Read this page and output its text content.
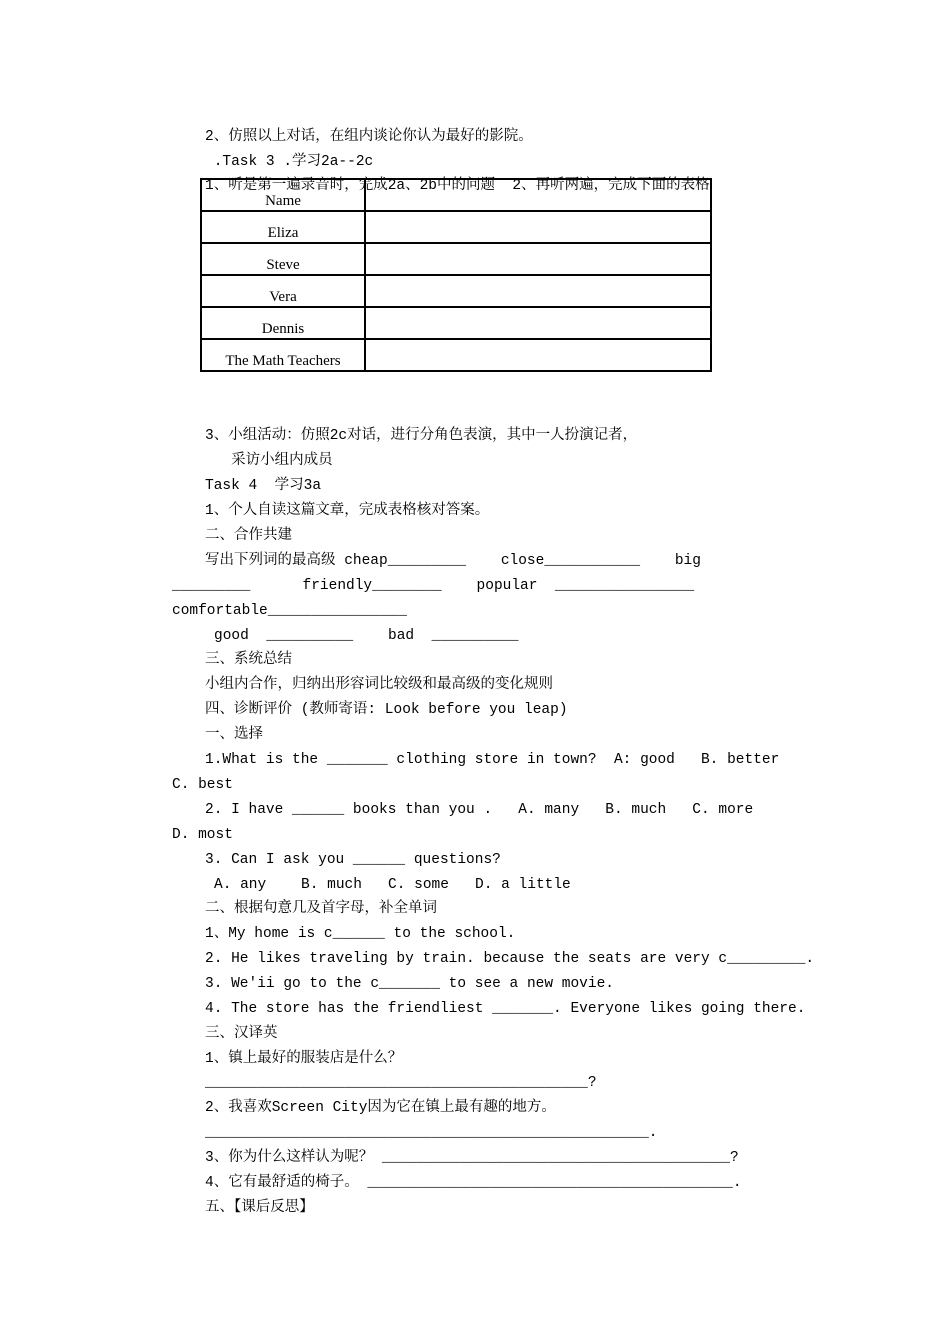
2、仿照以上对话，在组内谈论你认为最好的影院。
.Task 3 .学习2a--2c
Name	
Eliza	
Steve	
Vera	
Dennis	
The Math Teachers	
1、听是第一遍录音时，完成2a、2b中的问题  2、再听两遍，完成下面的表格
3、小组活动：仿照2c对话，进行分角色表演，其中一人扮演记者，
采访小组内成员
Task 4  学习3a
1、个人自读这篇文章，完成表格核对答案。
二、合作共建
写出下列词的最高级 cheap_________    close___________    big
_________      friendly________    popular  ________________
comfortable________________
good  __________    bad  __________
三、系统总结
小组内合作，归纳出形容词比较级和最高级的变化规则
四、诊断评价 (教师寄语: Look before you leap)
一、选择
1.What is the _______ clothing store in town?  A: good   B. better
C. best
2. I have ______ books than you .   A. many   B. much   C. more
D. most
3. Can I ask you ______ questions?
A. any    B. much   C. some   D. a little
二、根据句意几及首字母，补全单词
1、My home is c______ to the school.
2. He likes traveling by train. because the seats are very c_________.
3. We'ii go to the c_______ to see a new movie.
4. The store has the friendliest _______. Everyone likes going there.
三、汉译英
1、镇上最好的服装店是什么？
____________________________________________?
2、我喜欢Screen City因为它在镇上最有趣的地方。
___________________________________________________.
3、你为什么这样认为呢？ ________________________________________?
4、它有最舒适的椅子。 __________________________________________.
五、【课后反思】
